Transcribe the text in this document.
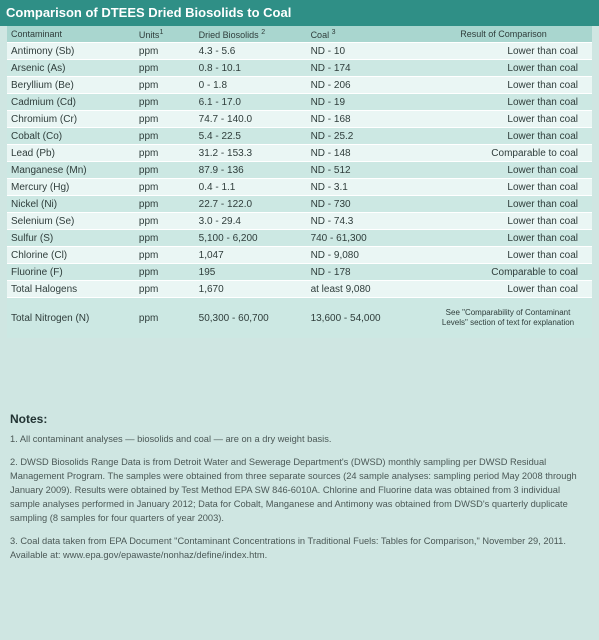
Comparison of DTEES Dried Biosolids to Coal
Contaminant	Units$^1$	Dried Biosolids $^2$	Coal $^3$	Result of Comparison
Antimony (Sb)	ppm	4.3 - 5.6	ND - 10	Lower than coal
Arsenic (As)	ppm	0.8 - 10.1	ND - 174	Lower than coal
Beryllium (Be)	ppm	0 - 1.8	ND - 206	Lower than coal
Cadmium (Cd)	ppm	6.1 - 17.0	ND - 19	Lower than coal
Chromium (Cr)	ppm	74.7 - 140.0	ND - 168	Lower than coal
Cobalt (Co)	ppm	5.4 - 22.5	ND - 25.2	Lower than coal
Lead (Pb)	ppm	31.2 - 153.3	ND - 148	Comparable to coal
Manganese (Mn)	ppm	87.9 - 136	ND - 512	Lower than coal
Mercury (Hg)	ppm	0.4 - 1.1	ND - 3.1	Lower than coal
Nickel (Ni)	ppm	22.7 - 122.0	ND - 730	Lower than coal
Selenium (Se)	ppm	3.0 - 29.4	ND - 74.3	Lower than coal
Sulfur (S)	ppm	5,100 - 6,200	740 - 61,300	Lower than coal
Chlorine (Cl)	ppm	1,047	ND - 9,080	Lower than coal
Fluorine (F)	ppm	195	ND - 178	Comparable to coal
Total Halogens	ppm	1,670	at least 9,080	Lower than coal
Total Nitrogen (N)	ppm	50,300 - 60,700	13,600 - 54,000	See "Comparability of Contaminant Levels" section of text for explanation
Notes:

1. All contaminant analyses — biosolids and coal — are on a dry weight basis.

2. DWSD Biosolids Range Data is from Detroit Water and Sewerage Department's (DWSD) monthly sampling per DWSD Residual Management Program. The samples were obtained from three separate sources (24 sample analyses: sampling period May 2008 through January 2009). Results were obtained by Test Method EPA SW 846-6010A. Chlorine and Fluorine data was obtained from 3 individual sample analyses performed in January 2012; Data for Cobalt, Manganese and Antimony was obtained from DWSD's quarterly duplicate sampling (8 samples for four quarters of year 2003).

3. Coal data taken from EPA Document "Contaminant Concentrations in Traditional Fuels: Tables for Comparison," November 29, 2011. Available at: www.epa.gov/epawaste/nonhaz/define/index.htm.
